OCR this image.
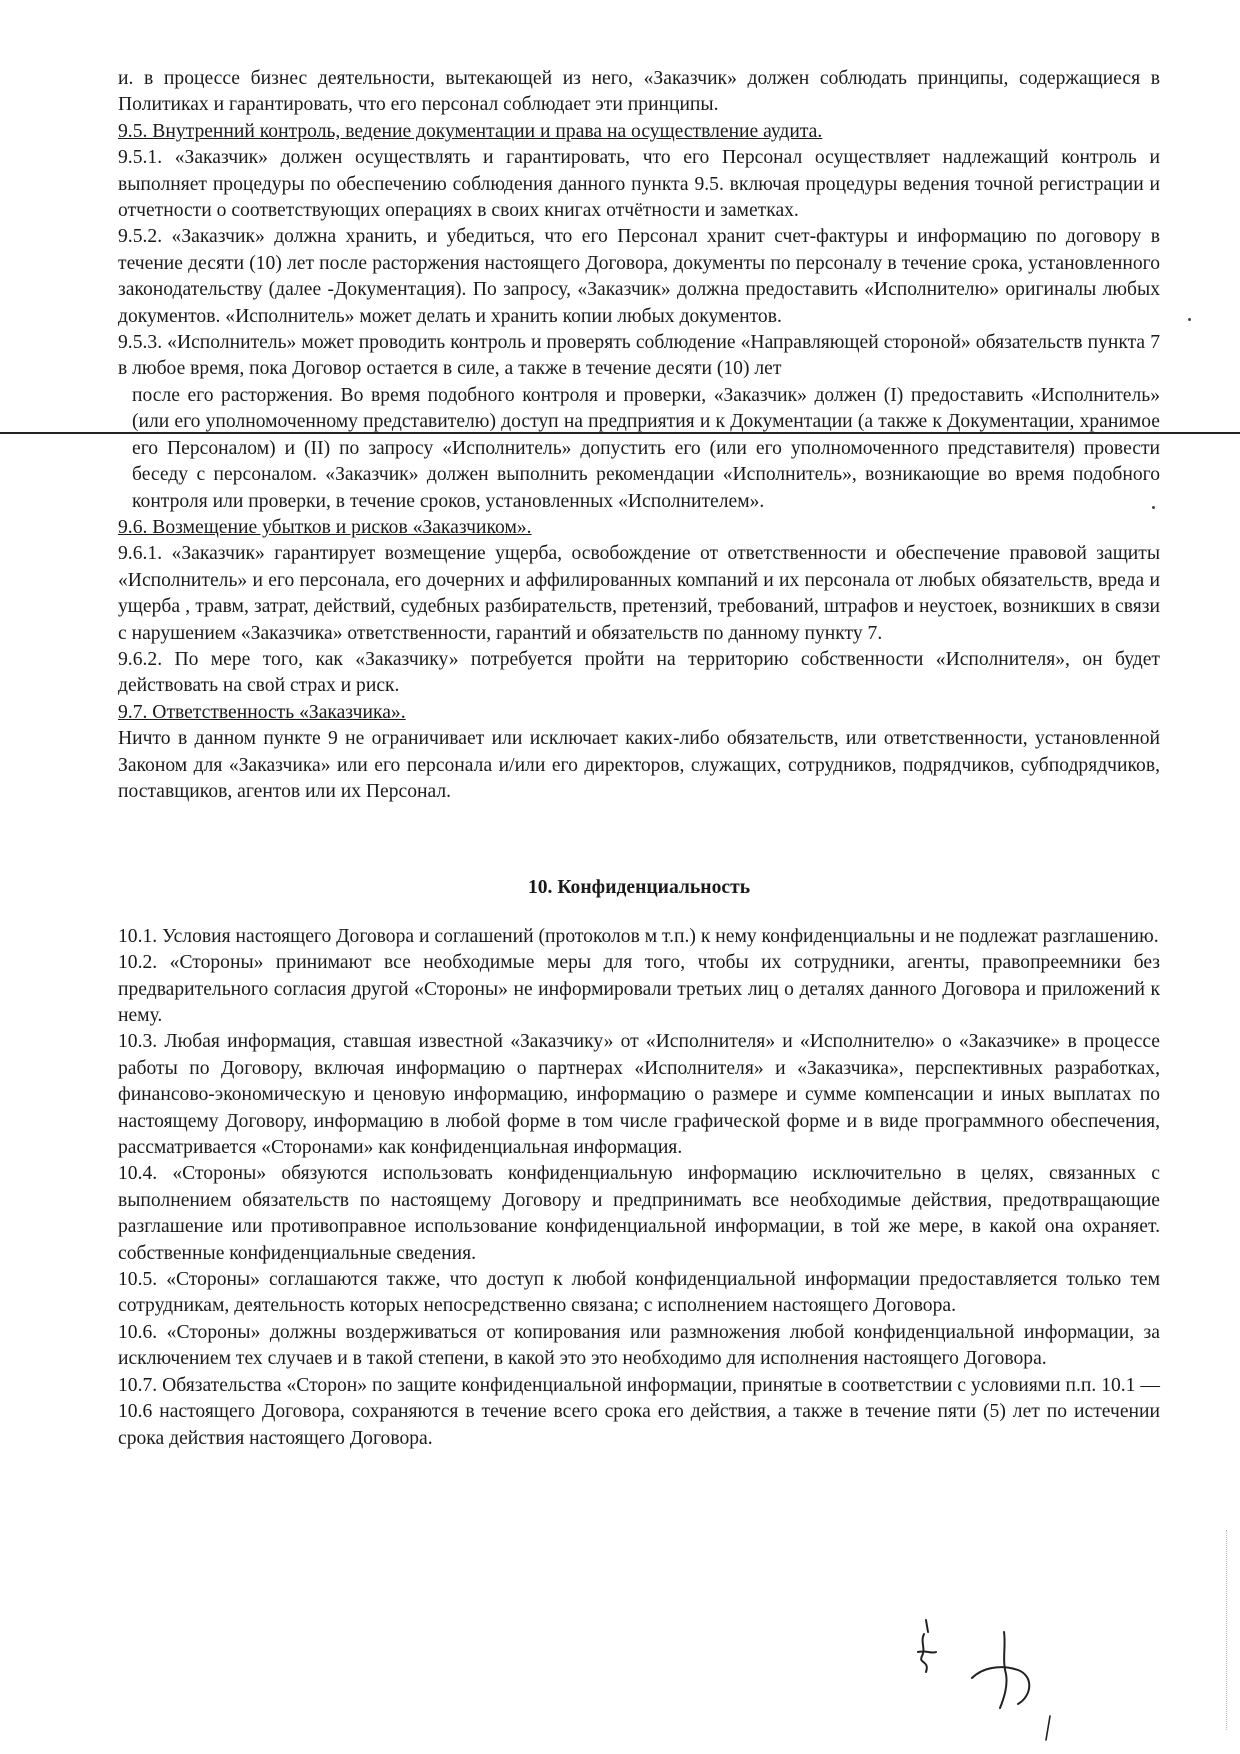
и. в процессе бизнес деятельности, вытекающей из него, «Заказчик» должен соблюдать принципы, содержащиеся в Политиках и гарантировать, что его персонал соблюдает эти принципы.

9.5. Внутренний контроль, ведение документации и права на осуществление аудита.

9.5.1. «Заказчик» должен осуществлять и гарантировать, что его Персонал осуществляет надлежащий контроль и выполняет процедуры по обеспечению соблюдения данного пункта 9.5. включая процедуры ведения точной регистрации и отчетности о соответствующих операциях в своих книгах отчётности и заметках.

9.5.2. «Заказчик» должна хранить, и убедиться, что его Персонал хранит счет-фактуры и информацию по договору в течение десяти (10) лет после расторжения настоящего Договора, документы по персоналу в течение срока, установленного законодательству (далее -Документация). По запросу, «Заказчик» должна предоставить «Исполнителю» оригиналы любых документов. «Исполнитель» может делать и хранить копии любых документов.

9.5.3. «Исполнитель» может проводить контроль и проверять соблюдение «Направляющей стороной» обязательств пункта 7 в любое время, пока Договор остается в силе, а также в течение десяти (10) лет

после его расторжения. Во время подобного контроля и проверки, «Заказчик» должен (I) предоставить «Исполнитель» (или его уполномоченному представителю) доступ на предприятия и к Документации (а также к Документации, хранимое его Персоналом) и (II) по запросу «Исполнитель» допустить его (или его уполномоченного представителя) провести беседу с персоналом. «Заказчик» должен выполнить рекомендации «Исполнитель», возникающие во время подобного контроля или проверки, в течение сроков, установленных «Исполнителем».

9.6. Возмещение убытков и рисков «Заказчиком».

9.6.1. «Заказчик» гарантирует возмещение ущерба, освобождение от ответственности и обеспечение правовой защиты «Исполнитель» и его персонала, его дочерних и аффилированных компаний и их персонала от любых обязательств, вреда и ущерба , травм, затрат, действий, судебных разбирательств, претензий, требований, штрафов и неустоек, возникших в связи с нарушением «Заказчика» ответственности, гарантий и обязательств по данному пункту 7.

9.6.2. По мере того, как «Заказчику» потребуется пройти на территорию собственности «Исполнителя», он будет действовать на свой страх и риск.

9.7. Ответственность «Заказчика».

Ничто в данном пункте 9 не ограничивает или исключает каких-либо обязательств, или ответственности, установленной Законом для «Заказчика» или его персонала и/или его директоров, служащих, сотрудников, подрядчиков, субподрядчиков, поставщиков, агентов или их Персонал.

10. Конфиденциальность

10.1. Условия настоящего Договора и соглашений (протоколов м т.п.) к нему конфиденциальны и не подлежат разглашению.

10.2. «Стороны» принимают все необходимые меры для того, чтобы их сотрудники, агенты, правопреемники без предварительного согласия другой «Стороны» не информировали третьих лиц о деталях данного Договора и приложений к нему.

10.3. Любая информация, ставшая известной «Заказчику» от «Исполнителя» и «Исполнителю» о «Заказчике» в процессе работы по Договору, включая информацию о партнерах «Исполнителя» и «Заказчика», перспективных разработках, финансово-экономическую и ценовую информацию, информацию о размере и сумме компенсации и иных выплатах по настоящему Договору, информацию в любой форме в том числе графической форме и в виде программного обеспечения, рассматривается «Сторонами» как конфиденциальная информация.

10.4. «Стороны» обязуются использовать конфиденциальную информацию исключительно в целях, связанных с выполнением обязательств по настоящему Договору и предпринимать все необходимые действия, предотвращающие разглашение или противоправное использование конфиденциальной информации, в той же мере, в какой она охраняет. собственные конфиденциальные сведения.

10.5. «Стороны» соглашаются также, что доступ к любой конфиденциальной информации предоставляется только тем сотрудникам, деятельность которых непосредственно связана; с исполнением настоящего Договора.

10.6. «Стороны» должны воздерживаться от копирования или размножения любой конфиденциальной информации, за исключением тех случаев и в такой степени, в какой это это необходимо для исполнения настоящего Договора.

10.7. Обязательства «Сторон» по защите конфиденциальной информации, принятые в соответствии с условиями п.п. 10.1 — 10.6 настоящего Договора, сохраняются в течение всего срока его действия, а также в течение пяти (5) лет по истечении срока действия настоящего Договора.
